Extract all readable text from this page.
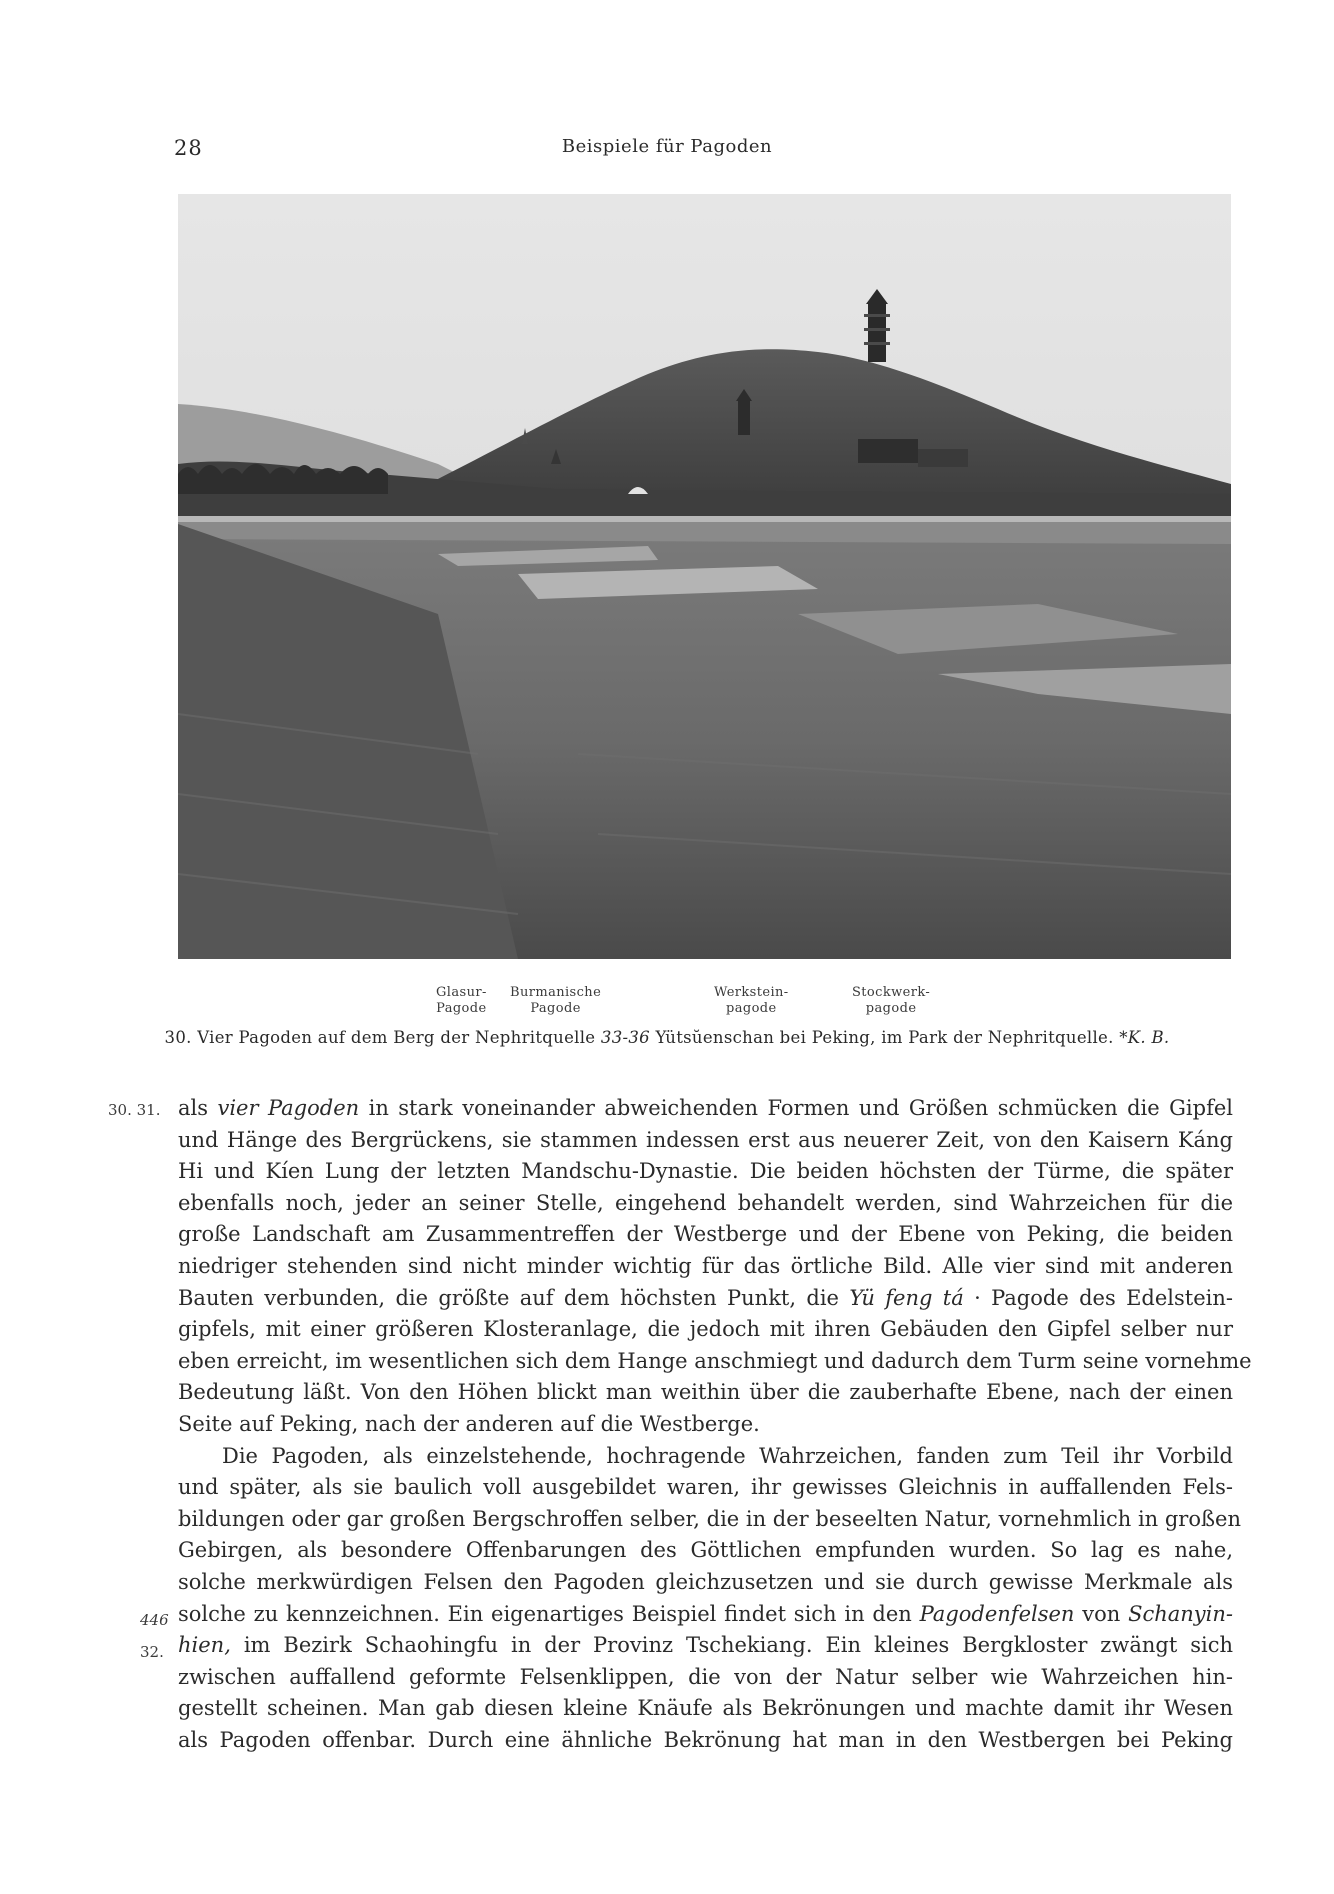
28	Beispiele für Pagoden
Glasur-
Pagode
Burmanische
Pagode
Werkstein-
pagode
Stockwerk-
pagode
30. Vier Pagoden auf dem Berg der Nephritquelle 33-36 Yütsŭenschan bei Peking, im Park der Nephritquelle. *K. B.
30. 31.
446
32.
als vier Pagoden in stark voneinander abweichenden Formen und Größen schmücken die Gipfel
und Hänge des Bergrückens, sie stammen indessen erst aus neuerer Zeit, von den Kaisern Káng
Hi und Kíen Lung der letzten Mandschu-Dynastie. Die beiden höchsten der Türme, die später
ebenfalls noch, jeder an seiner Stelle, eingehend behandelt werden, sind Wahrzeichen für die
große Landschaft am Zusammentreffen der Westberge und der Ebene von Peking, die beiden
niedriger stehenden sind nicht minder wichtig für das örtliche Bild. Alle vier sind mit anderen
Bauten verbunden, die größte auf dem höchsten Punkt, die Yü feng tá · Pagode des Edelstein-
gipfels, mit einer größeren Klosteranlage, die jedoch mit ihren Gebäuden den Gipfel selber nur
eben erreicht, im wesentlichen sich dem Hange anschmiegt und dadurch dem Turm seine vornehme
Bedeutung läßt. Von den Höhen blickt man weithin über die zauberhafte Ebene, nach der einen
Seite auf Peking, nach der anderen auf die Westberge.
Die Pagoden, als einzelstehende, hochragende Wahrzeichen, fanden zum Teil ihr Vorbild
und später, als sie baulich voll ausgebildet waren, ihr gewisses Gleichnis in auffallenden Fels-
bildungen oder gar großen Bergschroffen selber, die in der beseelten Natur, vornehmlich in großen
Gebirgen, als besondere Offenbarungen des Göttlichen empfunden wurden. So lag es nahe,
solche merkwürdigen Felsen den Pagoden gleichzusetzen und sie durch gewisse Merkmale als
solche zu kennzeichnen. Ein eigenartiges Beispiel findet sich in den Pagodenfelsen von Schanyin-
hien, im Bezirk Schaohingfu in der Provinz Tschekiang. Ein kleines Bergkloster zwängt sich
zwischen auffallend geformte Felsenklippen, die von der Natur selber wie Wahrzeichen hin-
gestellt scheinen. Man gab diesen kleine Knäufe als Bekrönungen und machte damit ihr Wesen
als Pagoden offenbar. Durch eine ähnliche Bekrönung hat man in den Westbergen bei Peking
